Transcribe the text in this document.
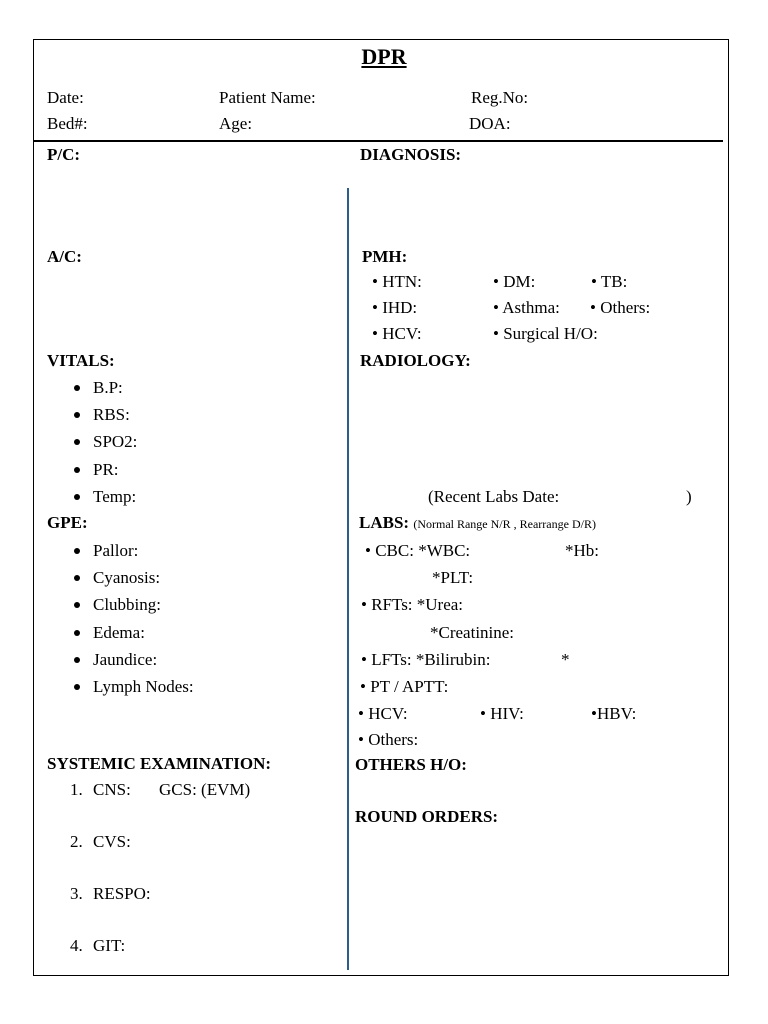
DPR
Date:	Patient Name:	Reg.No:
Bed#:	Age:	DOA:
P/C:
A/C:
VITALS:
B.P:
RBS:
SPO2:
PR:
Temp:
GPE:
Pallor:
Cyanosis:
Clubbing:
Edema:
Jaundice:
Lymph Nodes:
SYSTEMIC EXAMINATION:
1. CNS: GCS: (EVM)
2. CVS:
3. RESPO:
4. GIT:
DIAGNOSIS:
PMH:
• HTN:	• DM:	• TB:
• IHD:	• Asthma: • Others:
• HCV:	• Surgical H/O:
RADIOLOGY:
(Recent Labs Date:	)
LABS: (Normal Range N/R , Rearrange D/R)
• CBC: *WBC:	*Hb:
*PLT:
• RFTs: *Urea:
*Creatinine:
• LFTs: *Bilirubin:	*
• PT / APTT:
• HCV:	• HIV:	•HBV:
• Others:
OTHERS H/O:
ROUND ORDERS:
